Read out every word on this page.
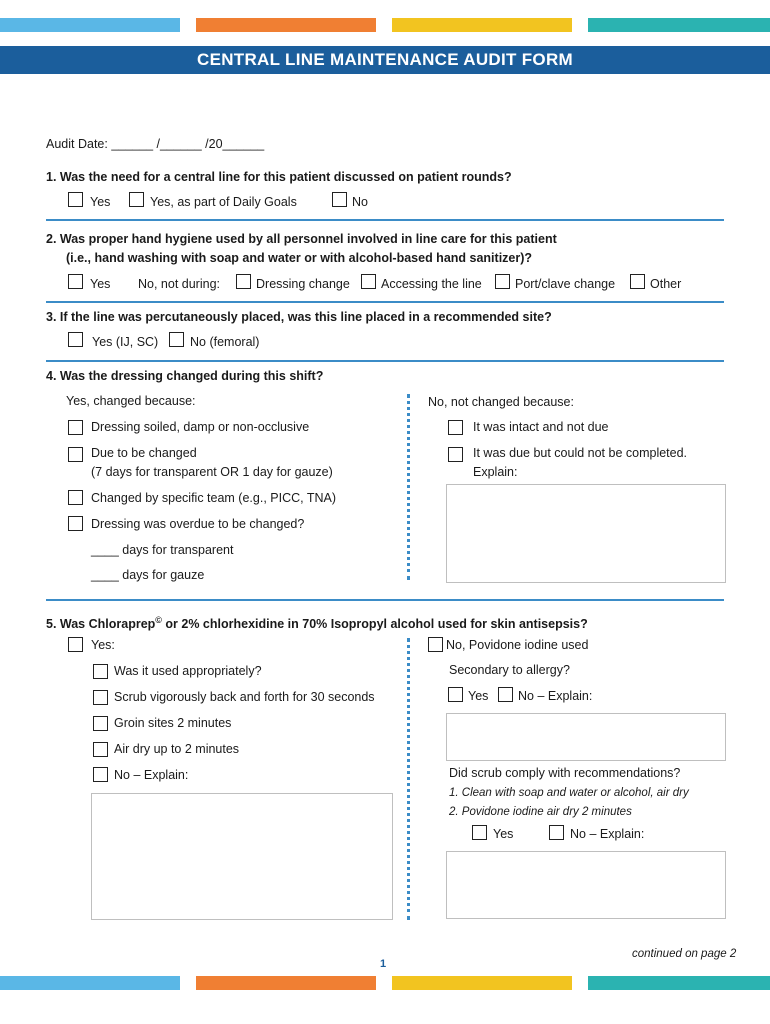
CENTRAL LINE MAINTENANCE AUDIT FORM
Audit Date: ______ /______ /20______
1. Was the need for a central line for this patient discussed on patient rounds?
Yes	Yes, as part of Daily Goals	No
2. Was proper hand hygiene used by all personnel involved in line care for this patient
(i.e., hand washing with soap and water or with alcohol-based hand sanitizer)?
Yes No, not during:	Dressing change Accessing the line	Port/clave change	Other
3. If the line was percutaneously placed, was this line placed in a recommended site?
Yes (IJ, SC)	No (femoral)
4. Was the dressing changed during this shift?
Yes, changed because:
Dressing soiled, damp or non-occlusive
Due to be changed
(7 days for transparent OR 1 day for gauze)
Changed by specific team (e.g., PICC, TNA)
Dressing was overdue to be changed?
____ days for transparent
____ days for gauze
No, not changed because:
It was intact and not due
It was due but could not be completed.
Explain:
5. Was Chloraprep© or 2% chlorhexidine in 70% Isopropyl alcohol used for skin antisepsis?
Yes:
Was it used appropriately?
Scrub vigorously back and forth for 30 seconds
Groin sites 2 minutes
Air dry up to 2 minutes
No – Explain:
No, Povidone iodine used
Secondary to allergy?
Yes No – Explain:
Did scrub comply with recommendations?
1. Clean with soap and water or alcohol, air dry
2. Povidone iodine air dry 2 minutes
Yes	No – Explain:
continued on page 2
1
